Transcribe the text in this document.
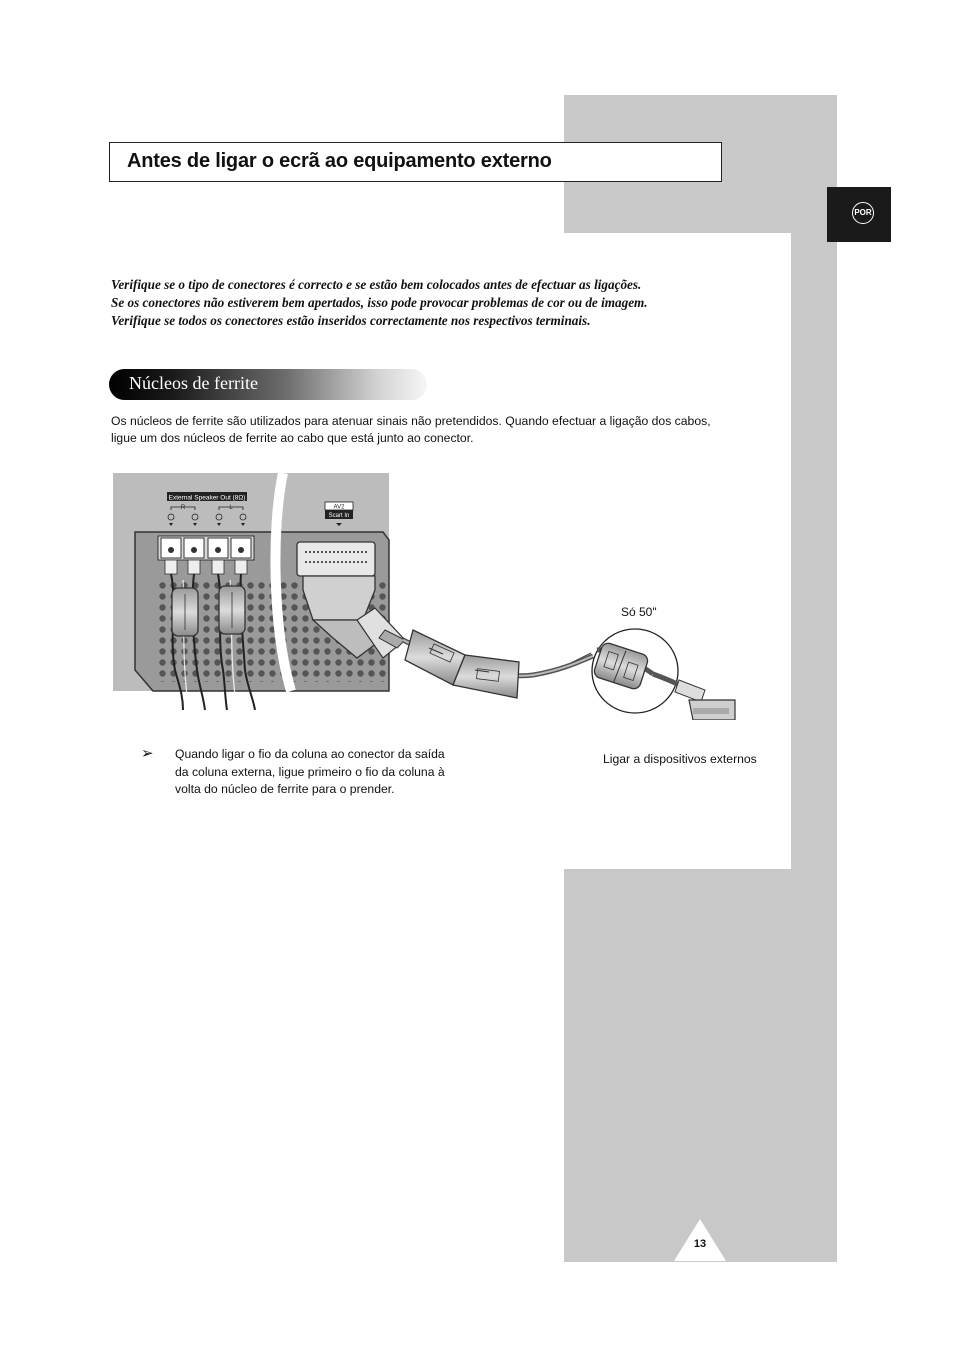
POR
Antes de ligar o ecrã ao equipamento externo
Verifique se o tipo de conectores é correcto e se estão bem colocados antes de efectuar as ligações.
Se os conectores não estiverem bem apertados, isso pode provocar problemas de cor ou de imagem.
Verifique se todos os conectores estão inseridos correctamente nos respectivos terminais.
Núcleos de ferrite
Os núcleos de ferrite são utilizados para atenuar sinais não pretendidos. Quando efectuar a ligação dos cabos,
ligue um dos núcleos de ferrite ao cabo que está junto ao conector.
External Speaker Out (8Ω)
R	L	AV2
Scart In
Só 50"
Ligar a dispositivos externos
➢ Quando ligar o fio da coluna ao conector da saída
da coluna externa, ligue primeiro o fio da coluna à
volta do núcleo de ferrite para o prender.
13
